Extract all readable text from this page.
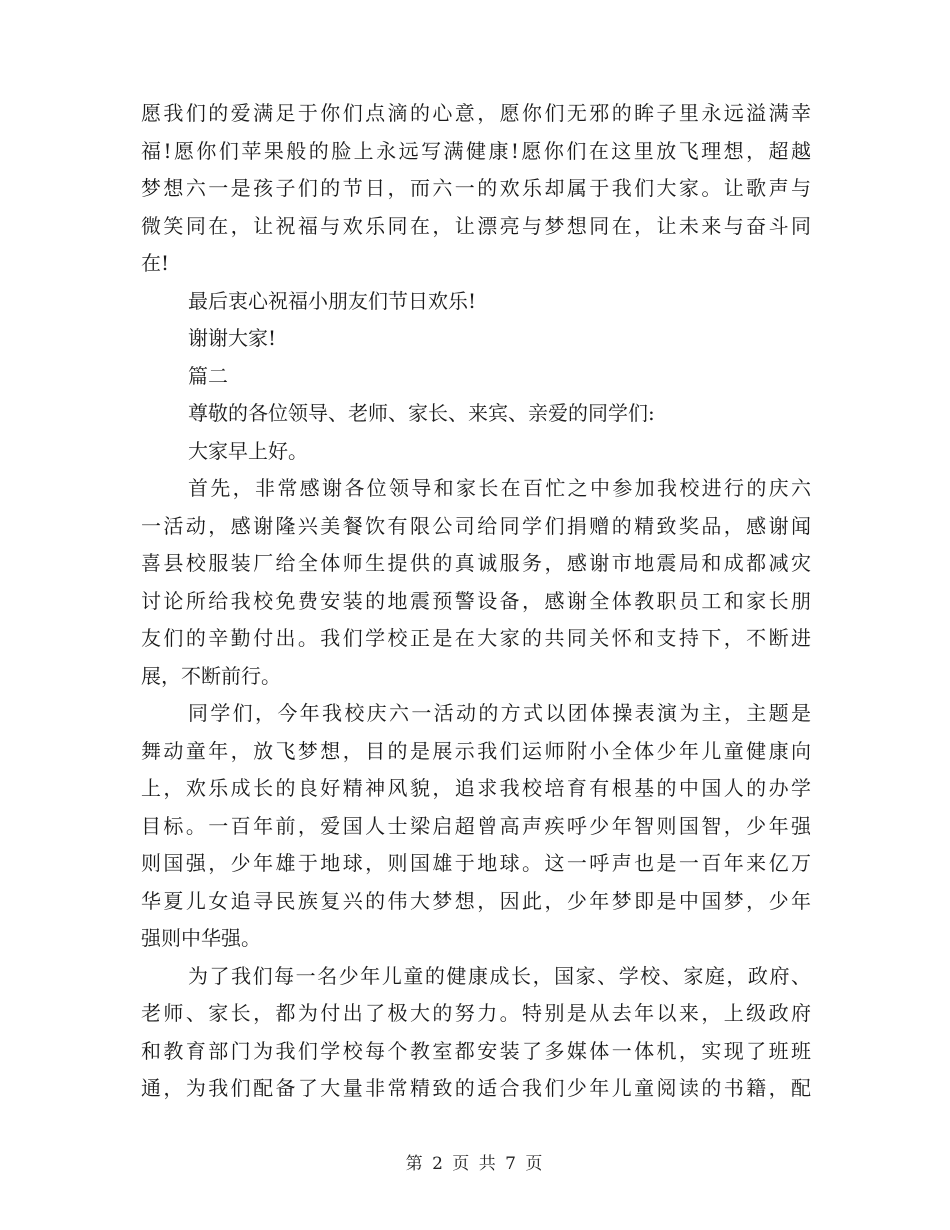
愿我们的爱满足于你们点滴的心意，愿你们无邪的眸子里永远溢满幸
福!愿你们苹果般的脸上永远写满健康!愿你们在这里放飞理想，超越
梦想六一是孩子们的节日，而六一的欢乐却属于我们大家。让歌声与
微笑同在，让祝福与欢乐同在，让漂亮与梦想同在，让未来与奋斗同
在!
最后衷心祝福小朋友们节日欢乐!
谢谢大家!
篇二
尊敬的各位领导、老师、家长、来宾、亲爱的同学们:
大家早上好。
首先，非常感谢各位领导和家长在百忙之中参加我校进行的庆六
一活动，感谢隆兴美餐饮有限公司给同学们捐赠的精致奖品，感谢闻
喜县校服装厂给全体师生提供的真诚服务，感谢市地震局和成都减灾
讨论所给我校免费安装的地震预警设备，感谢全体教职员工和家长朋
友们的辛勤付出。我们学校正是在大家的共同关怀和支持下，不断进
展，不断前行。
同学们，今年我校庆六一活动的方式以团体操表演为主，主题是
舞动童年，放飞梦想，目的是展示我们运师附小全体少年儿童健康向
上，欢乐成长的良好精神风貌，追求我校培育有根基的中国人的办学
目标。一百年前，爱国人士梁启超曾高声疾呼少年智则国智，少年强
则国强，少年雄于地球，则国雄于地球。这一呼声也是一百年来亿万
华夏儿女追寻民族复兴的伟大梦想，因此，少年梦即是中国梦，少年
强则中华强。
为了我们每一名少年儿童的健康成长，国家、学校、家庭，政府、
老师、家长，都为付出了极大的努力。特别是从去年以来，上级政府
和教育部门为我们学校每个教室都安装了多媒体一体机，实现了班班
通，为我们配备了大量非常精致的适合我们少年儿童阅读的书籍，配
第 2 页 共 7 页
